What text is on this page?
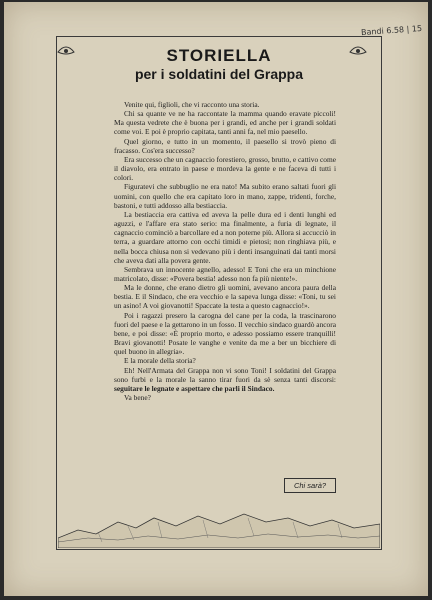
Bandi 6.58 | 15
STORIELLA
per i soldatini del Grappa

Venite qui, figlioli, che vi racconto una storia.

Chi sa quante ve ne ha raccontate la mamma quando eravate piccoli! Ma questa vedrete che è buona per i grandi, ed anche per i grandi soldati come voi. E poi è proprio capitata, tanti anni fa, nel mio paesello.

Quel giorno, e tutto in un momento, il paesello si trovò pieno di fracasso. Cos'era successo?

Era successo che un cagnaccio forestiero, grosso, brutto, e cattivo come il diavolo, era entrato in paese e mordeva la gente e ne faceva di tutti i colori.

Figuratevi che subbuglio ne era nato! Ma subito erano saltati fuori gli uomini, con quello che era capitato loro in mano, zappe, tridenti, forche, bastoni, e tutti addosso alla bestiaccia.

La bestiaccia era cattiva ed aveva la pelle dura ed i denti lunghi ed aguzzi, e l'affare era stato serio: ma finalmente, a furia di legnate, il cagnaccio cominciò a barcollare ed a non poterne più. Allora si accucciò in terra, a guardare attorno con occhi timidi e pietosi; non ringhiava più, e nella bocca chiusa non si vedevano più i denti insanguinati dai tanti morsi che aveva dati alla povera gente.

Sembrava un innocente agnello, adesso! E Toni che era un minchione matricolato, disse: «Povera bestia! adesso non fa più niente!».

Ma le donne, che erano dietro gli uomini, avevano ancora paura della bestia. E il Sindaco, che era vecchio e la sapeva lunga disse: «Toni, tu sei un asino! A voi giovanotti! Spaccate la testa a questo cagnaccio!».

Poi i ragazzi presero la carogna del cane per la coda, la trascinarono fuori del paese e la gettarono in un fosso. Il vecchio sindaco guardò ancora bene, e poi disse: «È proprio morto, e adesso possiamo essere tranquilli! Bravi giovanotti! Posate le vanghe e venite da me a ber un bicchiere di quel buono in allegria».

E la morale della storia?

Eh! Nell'Armata del Grappa non vi sono Toni! I soldatini del Grappa sono furbi e la morale la sanno tirar fuori da sè senza tanti discorsi: seguitare le legnate e aspettare che parli il Sindaco.

Va bene?

Chi sarà?
